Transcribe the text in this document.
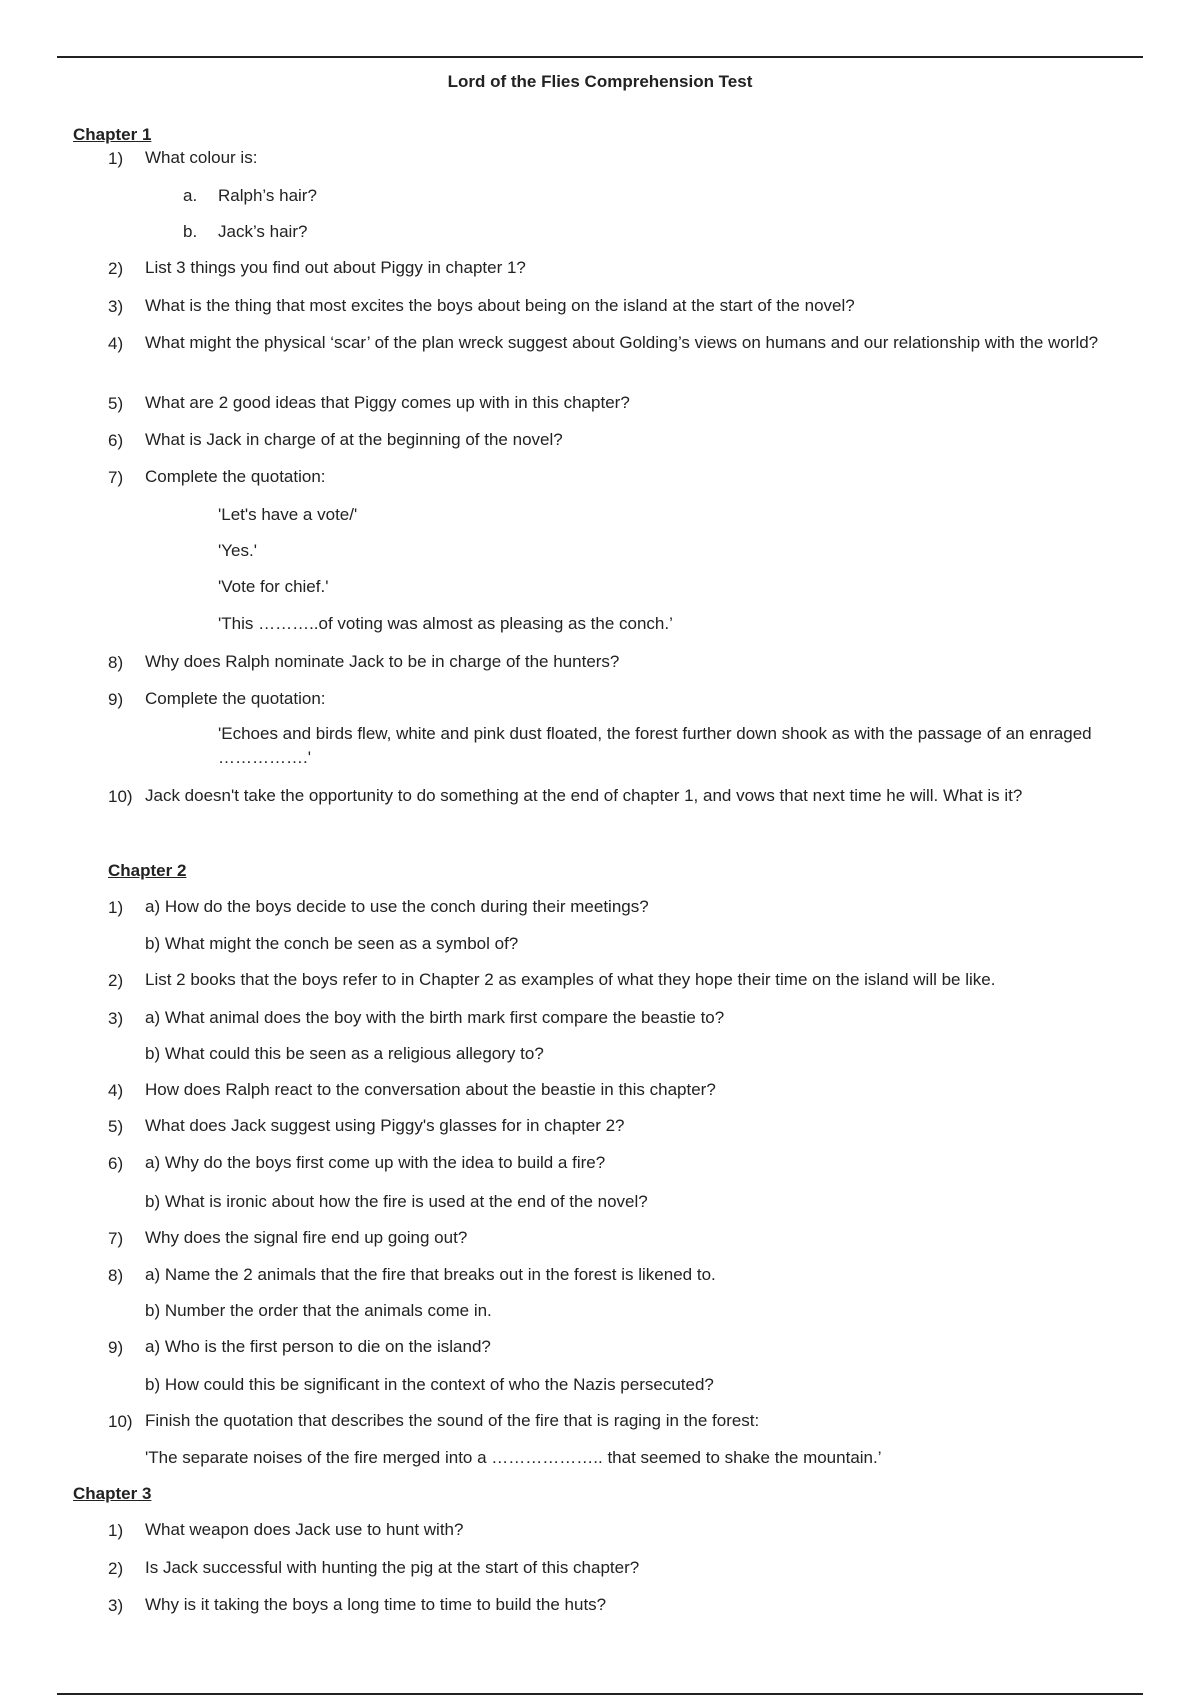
Lord of the Flies Comprehension Test
Chapter 1
1)	What colour is:
a. Ralph’s hair?
b. Jack’s hair?
2)	List 3 things you find out about Piggy in chapter 1?
3)	What is the thing that most excites the boys about being on the island at the start of the novel?
4)	What might the physical ‘scar’ of the plan wreck suggest about Golding’s views on humans and our relationship with the world?
5)	What are 2 good ideas that Piggy comes up with in this chapter?
6)	What is Jack in charge of at the beginning of the novel?
7)	Complete the quotation:
'Let's have a vote/'
'Yes.'
'Vote for chief.'
'This ………..of voting was almost as pleasing as the conch.’
8)	Why does Ralph nominate Jack to be in charge of the hunters?
9)	Complete the quotation:
'Echoes and birds flew, white and pink dust floated, the forest further down shook as with the passage of an enraged …………….'
10) Jack doesn't take the opportunity to do something at the end of chapter 1, and vows that next time he will. What is it?
Chapter 2
1)	a) How do the boys decide to use the conch during their meetings?
b) What might the conch be seen as a symbol of?
2)	List 2 books that the boys refer to in Chapter 2 as examples of what they hope their time on the island will be like.
3)	a) What animal does the boy with the birth mark first compare the beastie to?
b) What could this be seen as a religious allegory to?
4)	How does Ralph react to the conversation about the beastie in this chapter?
5)	What does Jack suggest using Piggy's glasses for in chapter 2?
6)	a) Why do the boys first come up with the idea to build a fire?
b) What is ironic about how the fire is used at the end of the novel?
7)	Why does the signal fire end up going out?
8)	a) Name the 2 animals that the fire that breaks out in the forest is likened to.
b) Number the order that the animals come in.
9)	a) Who is the first person to die on the island?
b) How could this be significant in the context of who the Nazis persecuted?
10) Finish the quotation that describes the sound of the fire that is raging in the forest:
'The separate noises of the fire merged into a ……………….. that seemed to shake the mountain.’
Chapter 3
1)	What weapon does Jack use to hunt with?
2)	Is Jack successful with hunting the pig at the start of this chapter?
3)	Why is it taking the boys a long time to time to build the huts?
